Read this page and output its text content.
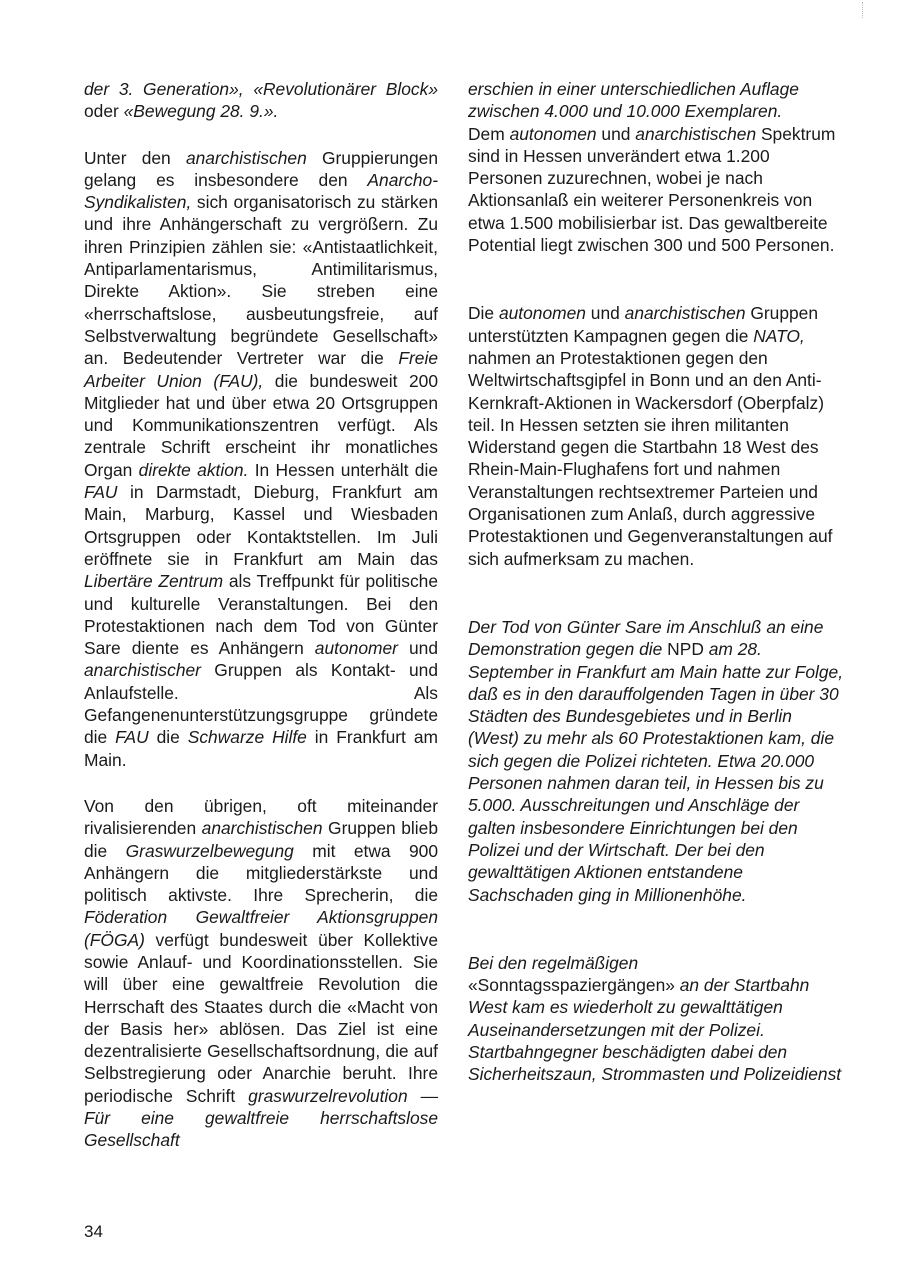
der 3. Generation», «Revolutionärer Block» oder «Bewegung 28. 9.».

Unter den anarchistischen Gruppierungen gelang es insbesondere den Anarcho-Syndikalisten, sich organisatorisch zu stärken und ihre Anhängerschaft zu vergrößern. Zu ihren Prinzipien zählen sie: «Antistaatlichkeit, Antiparlamentarismus, Antimilitarismus, Direkte Aktion». Sie streben eine «herrschaftslose, ausbeutungsfreie, auf Selbstverwaltung begründete Gesellschaft» an. Bedeutender Vertreter war die Freie Arbeiter Union (FAU), die bundesweit 200 Mitglieder hat und über etwa 20 Ortsgruppen und Kommunikationszentren verfügt. Als zentrale Schrift erscheint ihr monatliches Organ direkte aktion. In Hessen unterhält die FAU in Darmstadt, Dieburg, Frankfurt am Main, Marburg, Kassel und Wiesbaden Ortsgruppen oder Kontaktstellen. Im Juli eröffnete sie in Frankfurt am Main das Libertäre Zentrum als Treffpunkt für politische und kulturelle Veranstaltungen. Bei den Protestaktionen nach dem Tod von Günter Sare diente es Anhängern autonomer und anarchistischer Gruppen als Kontakt- und Anlaufstelle. Als Gefangenenunterstützungsgruppe gründete die FAU die Schwarze Hilfe in Frankfurt am Main.

Von den übrigen, oft miteinander rivalisierenden anarchistischen Gruppen blieb die Graswurzelbewegung mit etwa 900 Anhängern die mitgliederstärkste und politisch aktivste. Ihre Sprecherin, die Föderation Gewaltfreier Aktionsgruppen (FÖGA) verfügt bundesweit über Kollektive sowie Anlauf- und Koordinationsstellen. Sie will über eine gewaltfreie Revolution die Herrschaft des Staates durch die «Macht von der Basis her» ablösen. Das Ziel ist eine dezentralisierte Gesellschaftsordnung, die auf Selbstregierung oder Anarchie beruht. Ihre periodische Schrift graswurzelrevolution — Für eine gewaltfreie herrschaftslose Gesellschaft

erschien in einer unterschiedlichen Auflage zwischen 4.000 und 10.000 Exemplaren.

Dem autonomen und anarchistischen Spektrum sind in Hessen unverändert etwa 1.200 Personen zuzurechnen, wobei je nach Aktionsanlaß ein weiterer Personenkreis von etwa 1.500 mobilisierbar ist. Das gewaltbereite Potential liegt zwischen 300 und 500 Personen.

Die autonomen und anarchistischen Gruppen unterstützten Kampagnen gegen die NATO, nahmen an Protestaktionen gegen den Weltwirtschaftsgipfel in Bonn und an den Anti-Kernkraft-Aktionen in Wackersdorf (Oberpfalz) teil. In Hessen setzten sie ihren militanten Widerstand gegen die Startbahn 18 West des Rhein-Main-Flughafens fort und nahmen Veranstaltungen rechtsextremer Parteien und Organisationen zum Anlaß, durch aggressive Protestaktionen und Gegenveranstaltungen auf sich aufmerksam zu machen.

Der Tod von Günter Sare im Anschluß an eine Demonstration gegen die NPD am 28. September in Frankfurt am Main hatte zur Folge, daß es in den darauffolgenden Tagen in über 30 Städten des Bundesgebietes und in Berlin (West) zu mehr als 60 Protestaktionen kam, die sich gegen die Polizei richteten. Etwa 20.000 Personen nahmen daran teil, in Hessen bis zu 5.000. Ausschreitungen und Anschläge der galten insbesondere Einrichtungen bei den Polizei und der Wirtschaft. Der bei den gewalttätigen Aktionen entstandene Sachschaden ging in Millionenhöhe.

Bei den regelmäßigen «Sonntagsspaziergängen» an der Startbahn West kam es wiederholt zu gewalttätigen Auseinandersetzungen mit der Polizei. Startbahngegner beschädigten dabei den Sicherheitszaun, Strommasten und Polizeidienst

34
